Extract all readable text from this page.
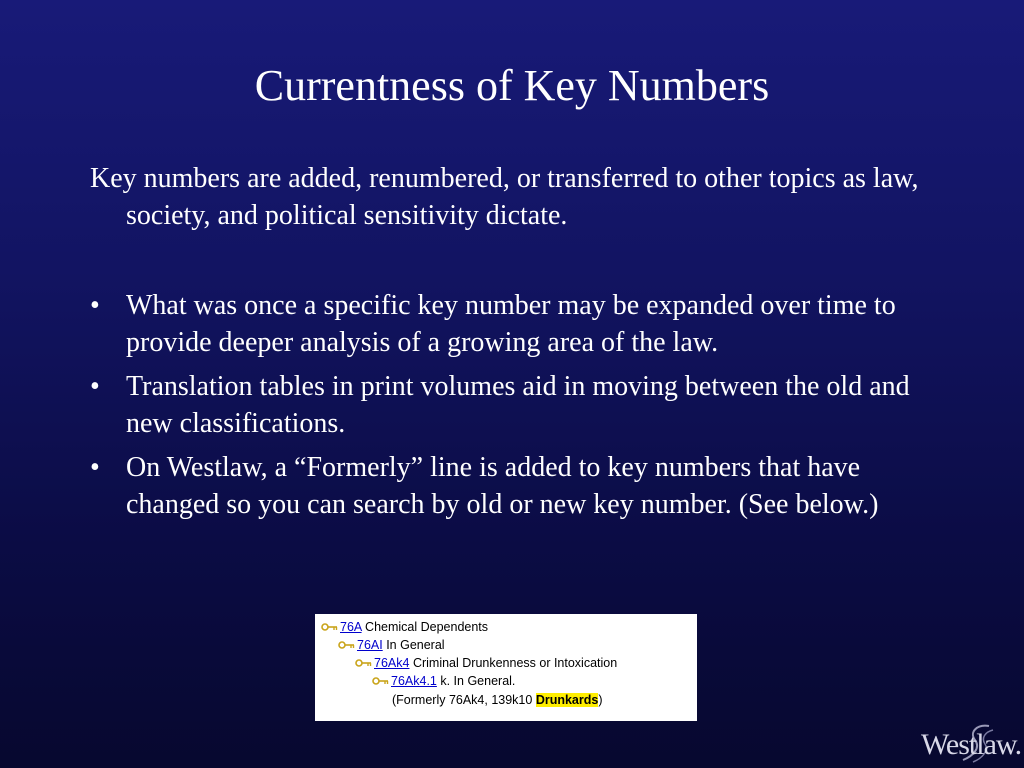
Currentness of Key Numbers
Key numbers are added, renumbered, or transferred to other topics as law, society, and political sensitivity dictate.
• What was once a specific key number may be expanded over time to provide deeper analysis of a growing area of the law.
• Translation tables in print volumes aid in moving between the old and new classifications.
• On Westlaw, a “Formerly” line is added to key numbers that have changed so you can search by old or new key number. (See below.)
76A Chemical Dependents
76AI In General
76Ak4 Criminal Drunkenness or Intoxication
76Ak4.1 k. In General.
(Formerly 76Ak4, 139k10 Drunkards)
Westlaw.
